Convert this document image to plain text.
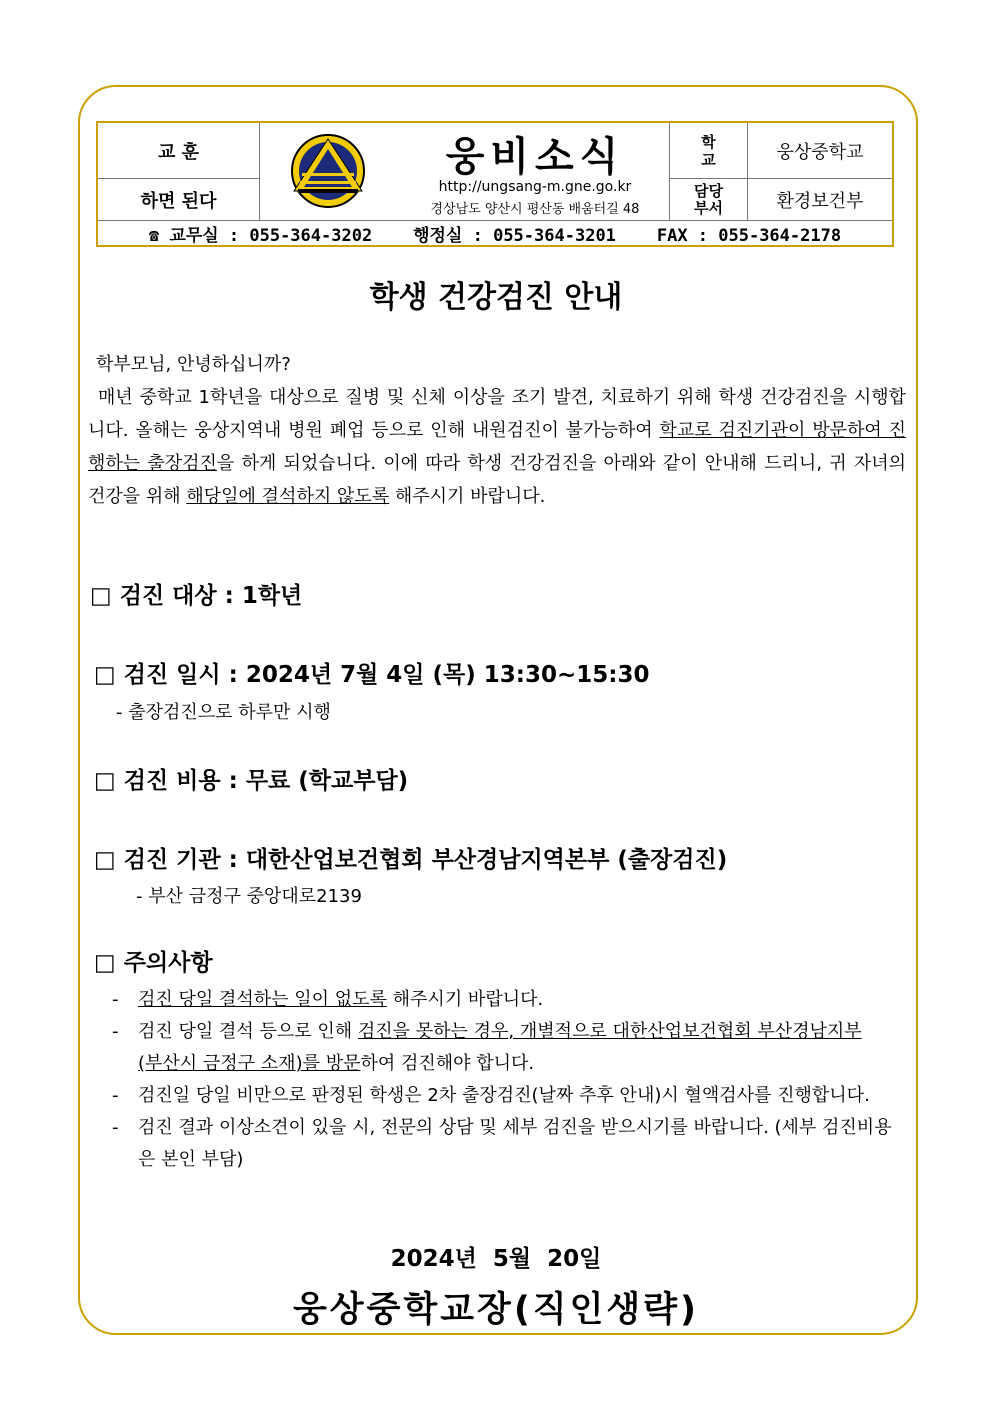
교 훈
하면 된다
웅비소식
http://ungsang-m.gne.go.kr
경상남도 양산시 평산동 배움터길 48
학교	웅상중학교
담당부서	환경보건부
☎ 교무실 : 055-364-3202    행정실 : 055-364-3201    FAX : 055-364-2178
학생 건강검진 안내

학부모님, 안녕하십니까?

매년 중학교 1학년을 대상으로 질병 및 신체 이상을 조기 발견, 치료하기 위해 학생 건강검진을 시행합니다. 올해는 웅상지역내 병원 폐업 등으로 인해 내원검진이 불가능하여 학교로 검진기관이 방문하여 진행하는 출장검진을 하게 되었습니다. 이에 따라 학생 건강검진을 아래와 같이 안내해 드리니, 귀 자녀의 건강을 위해 해당일에 결석하지 않도록 해주시기 바랍니다.

□ 검진 대상 : 1학년
□ 검진 일시 : 2024년 7월 4일 (목) 13:30~15:30
- 출장검진으로 하루만 시행
□ 검진 비용 : 무료 (학교부담)
□ 검진 기관 : 대한산업보건협회 부산경남지역본부 (출장검진)
- 부산 금정구 중앙대로2139
□ 주의사항
-	검진 당일 결석하는 일이 없도록 해주시기 바랍니다.
-	검진 당일 결석 등으로 인해 검진을 못하는 경우, 개별적으로 대한산업보건협회 부산경남지부(부산시 금정구 소재)를 방문하여 검진해야 합니다.
-	검진일 당일 비만으로 판정된 학생은 2차 출장검진(날짜 추후 안내)시 혈액검사를 진행합니다.
-	검진 결과 이상소견이 있을 시, 전문의 상담 및 세부 검진을 받으시기를 바랍니다. (세부 검진비용은 본인 부담)
2024년  5월  20일
웅상중학교장(직인생략)
